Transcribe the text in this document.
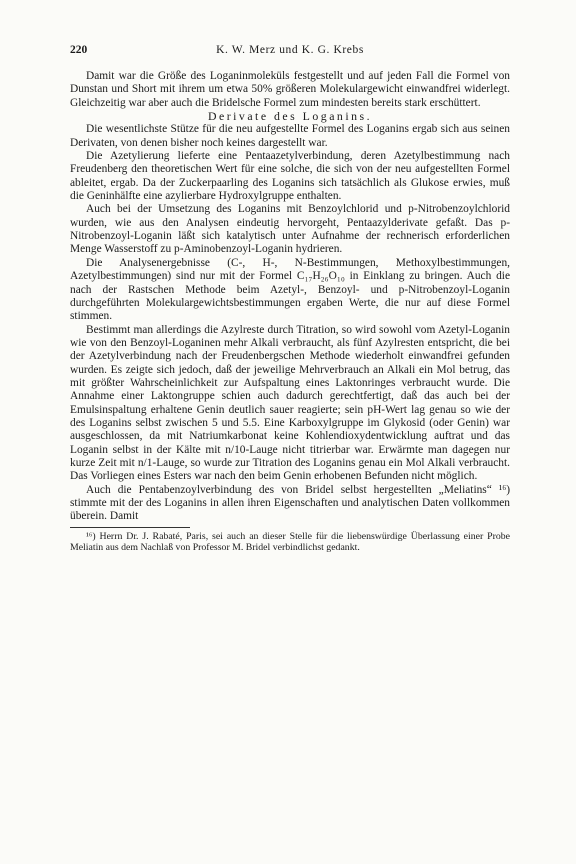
220	K. W. Merz und K. G. Krebs

Damit war die Größe des Loganinmoleküls festgestellt und auf jeden Fall die Formel von Dunstan und Short mit ihrem um etwa 50% größeren Molekulargewicht einwandfrei widerlegt. Gleichzeitig war aber auch die Bridelsche Formel zum mindesten bereits stark erschüttert.

Derivate des Loganins.

Die wesentlichste Stütze für die neu aufgestellte Formel des Loganins ergab sich aus seinen Derivaten, von denen bisher noch keines dargestellt war.

Die Azetylierung lieferte eine Pentaazetylverbindung, deren Azetylbestimmung nach Freudenberg den theoretischen Wert für eine solche, die sich von der neu aufgestellten Formel ableitet, ergab. Da der Zuckerpaarling des Loganins sich tatsächlich als Glukose erwies, muß die Geninhälfte eine azylierbare Hydroxylgruppe enthalten.

Auch bei der Umsetzung des Loganins mit Benzoylchlorid und p-Nitrobenzoylchlorid wurden, wie aus den Analysen eindeutig hervorgeht, Pentaazylderivate gefaßt. Das p-Nitrobenzoyl-Loganin läßt sich katalytisch unter Aufnahme der rechnerisch erforderlichen Menge Wasserstoff zu p-Aminobenzoyl-Loganin hydrieren.

Die Analysenergebnisse (C-, H-, N-Bestimmungen, Methoxylbestimmungen, Azetylbestimmungen) sind nur mit der Formel C₁₇H₂₆O₁₀ in Einklang zu bringen. Auch die nach der Rastschen Methode beim Azetyl-, Benzoyl- und p-Nitrobenzoyl-Loganin durchgeführten Molekulargewichtsbestimmungen ergaben Werte, die nur auf diese Formel stimmen.

Bestimmt man allerdings die Azylreste durch Titration, so wird sowohl vom Azetyl-Loganin wie von den Benzoyl-Loganinen mehr Alkali verbraucht, als fünf Azylresten entspricht, die bei der Azetylverbindung nach der Freudenbergschen Methode wiederholt einwandfrei gefunden wurden. Es zeigte sich jedoch, daß der jeweilige Mehrverbrauch an Alkali ein Mol betrug, das mit größter Wahrscheinlichkeit zur Aufspaltung eines Laktonringes verbraucht wurde. Die Annahme einer Laktongruppe schien auch dadurch gerechtfertigt, daß das auch bei der Emulsinspaltung erhaltene Genin deutlich sauer reagierte; sein pH-Wert lag genau so wie der des Loganins selbst zwischen 5 und 5.5. Eine Karboxylgruppe im Glykosid (oder Genin) war ausgeschlossen, da mit Natriumkarbonat keine Kohlendioxydentwicklung auftrat und das Loganin selbst in der Kälte mit n/10-Lauge nicht titrierbar war. Erwärmte man dagegen nur kurze Zeit mit n/1-Lauge, so wurde zur Titration des Loganins genau ein Mol Alkali verbraucht. Das Vorliegen eines Esters war nach den beim Genin erhobenen Befunden nicht möglich.

Auch die Pentabenzoylverbindung des von Bridel selbst hergestellten „Meliatins“ ¹⁶) stimmte mit der des Loganins in allen ihren Eigenschaften und analytischen Daten vollkommen überein. Damit

¹⁶) Herrn Dr. J. Rabaté, Paris, sei auch an dieser Stelle für die liebenswürdige Überlassung einer Probe Meliatin aus dem Nachlaß von Professor M. Bridel verbindlichst gedankt.
